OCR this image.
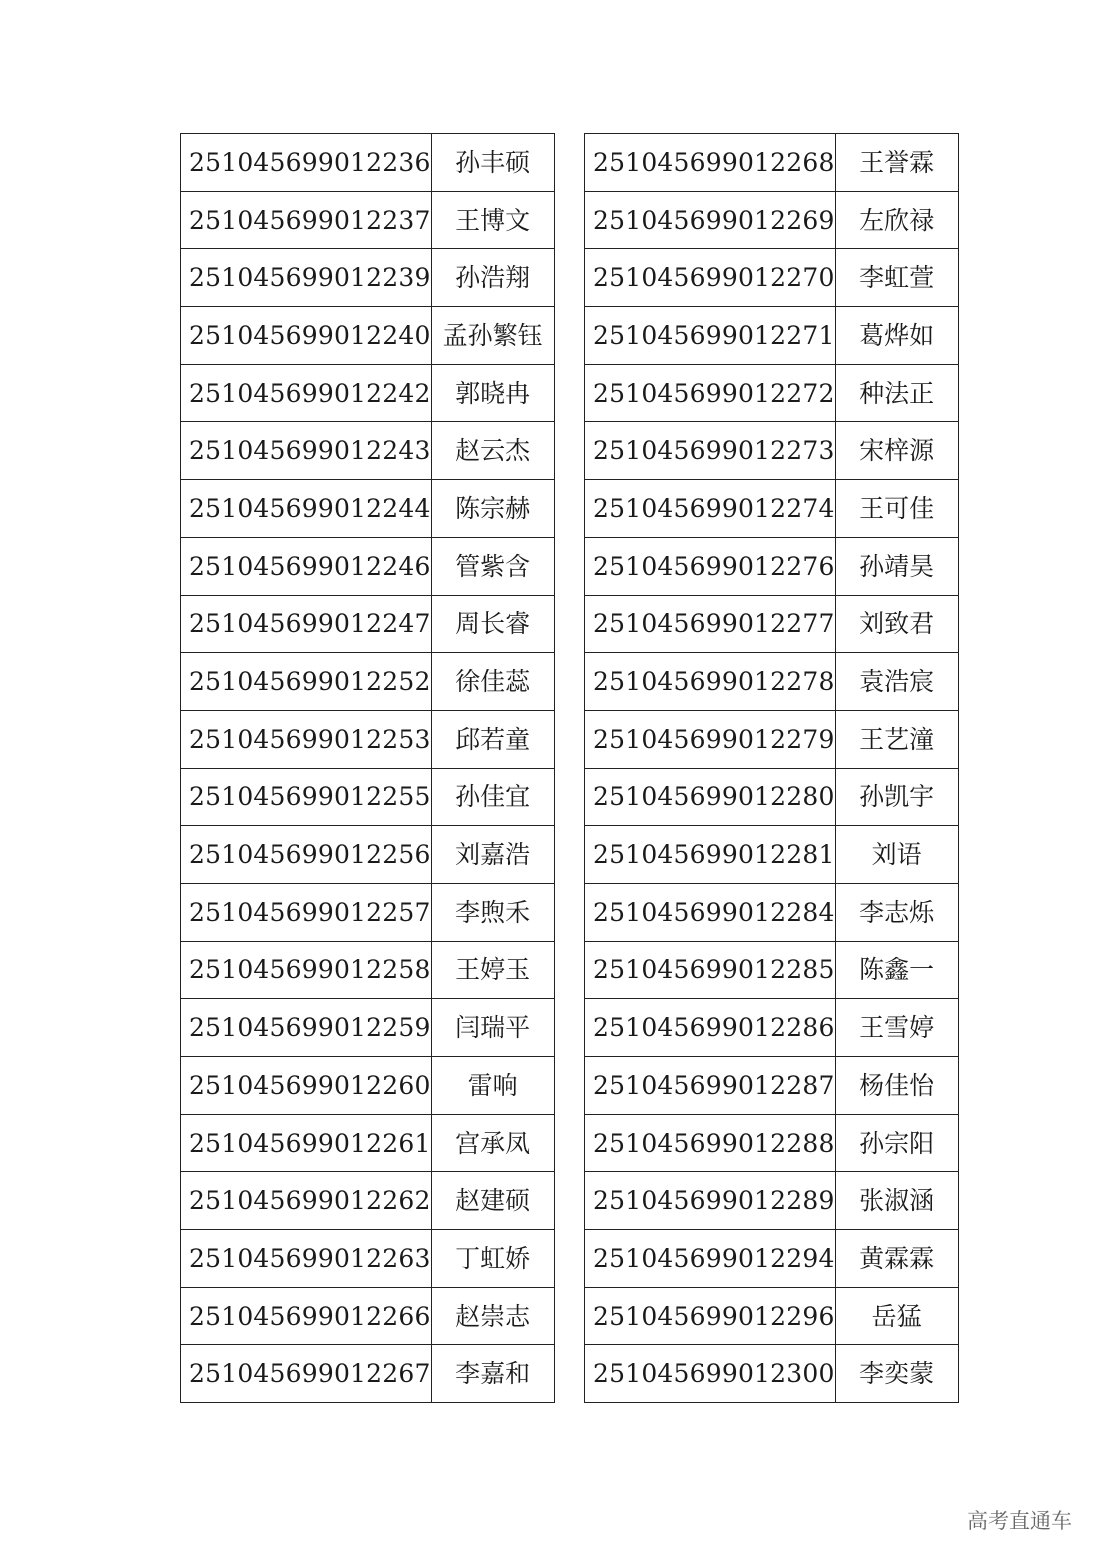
251045699012236	孙丰硕
251045699012237	王博文
251045699012239	孙浩翔
251045699012240	孟孙繁钰
251045699012242	郭晓冉
251045699012243	赵云杰
251045699012244	陈宗赫
251045699012246	管紫含
251045699012247	周长睿
251045699012252	徐佳蕊
251045699012253	邱若童
251045699012255	孙佳宜
251045699012256	刘嘉浩
251045699012257	李煦禾
251045699012258	王婷玉
251045699012259	闫瑞平
251045699012260	雷响
251045699012261	宫承凤
251045699012262	赵建硕
251045699012263	丁虹娇
251045699012266	赵崇志
251045699012267	李嘉和
251045699012268	王誉霖
251045699012269	左欣禄
251045699012270	李虹萱
251045699012271	葛烨如
251045699012272	种法正
251045699012273	宋梓源
251045699012274	王可佳
251045699012276	孙靖昊
251045699012277	刘致君
251045699012278	袁浩宸
251045699012279	王艺潼
251045699012280	孙凯宇
251045699012281	刘语
251045699012284	李志烁
251045699012285	陈鑫一
251045699012286	王雪婷
251045699012287	杨佳怡
251045699012288	孙宗阳
251045699012289	张淑涵
251045699012294	黄霖霖
251045699012296	岳猛
251045699012300	李奕蒙
高考直通车
